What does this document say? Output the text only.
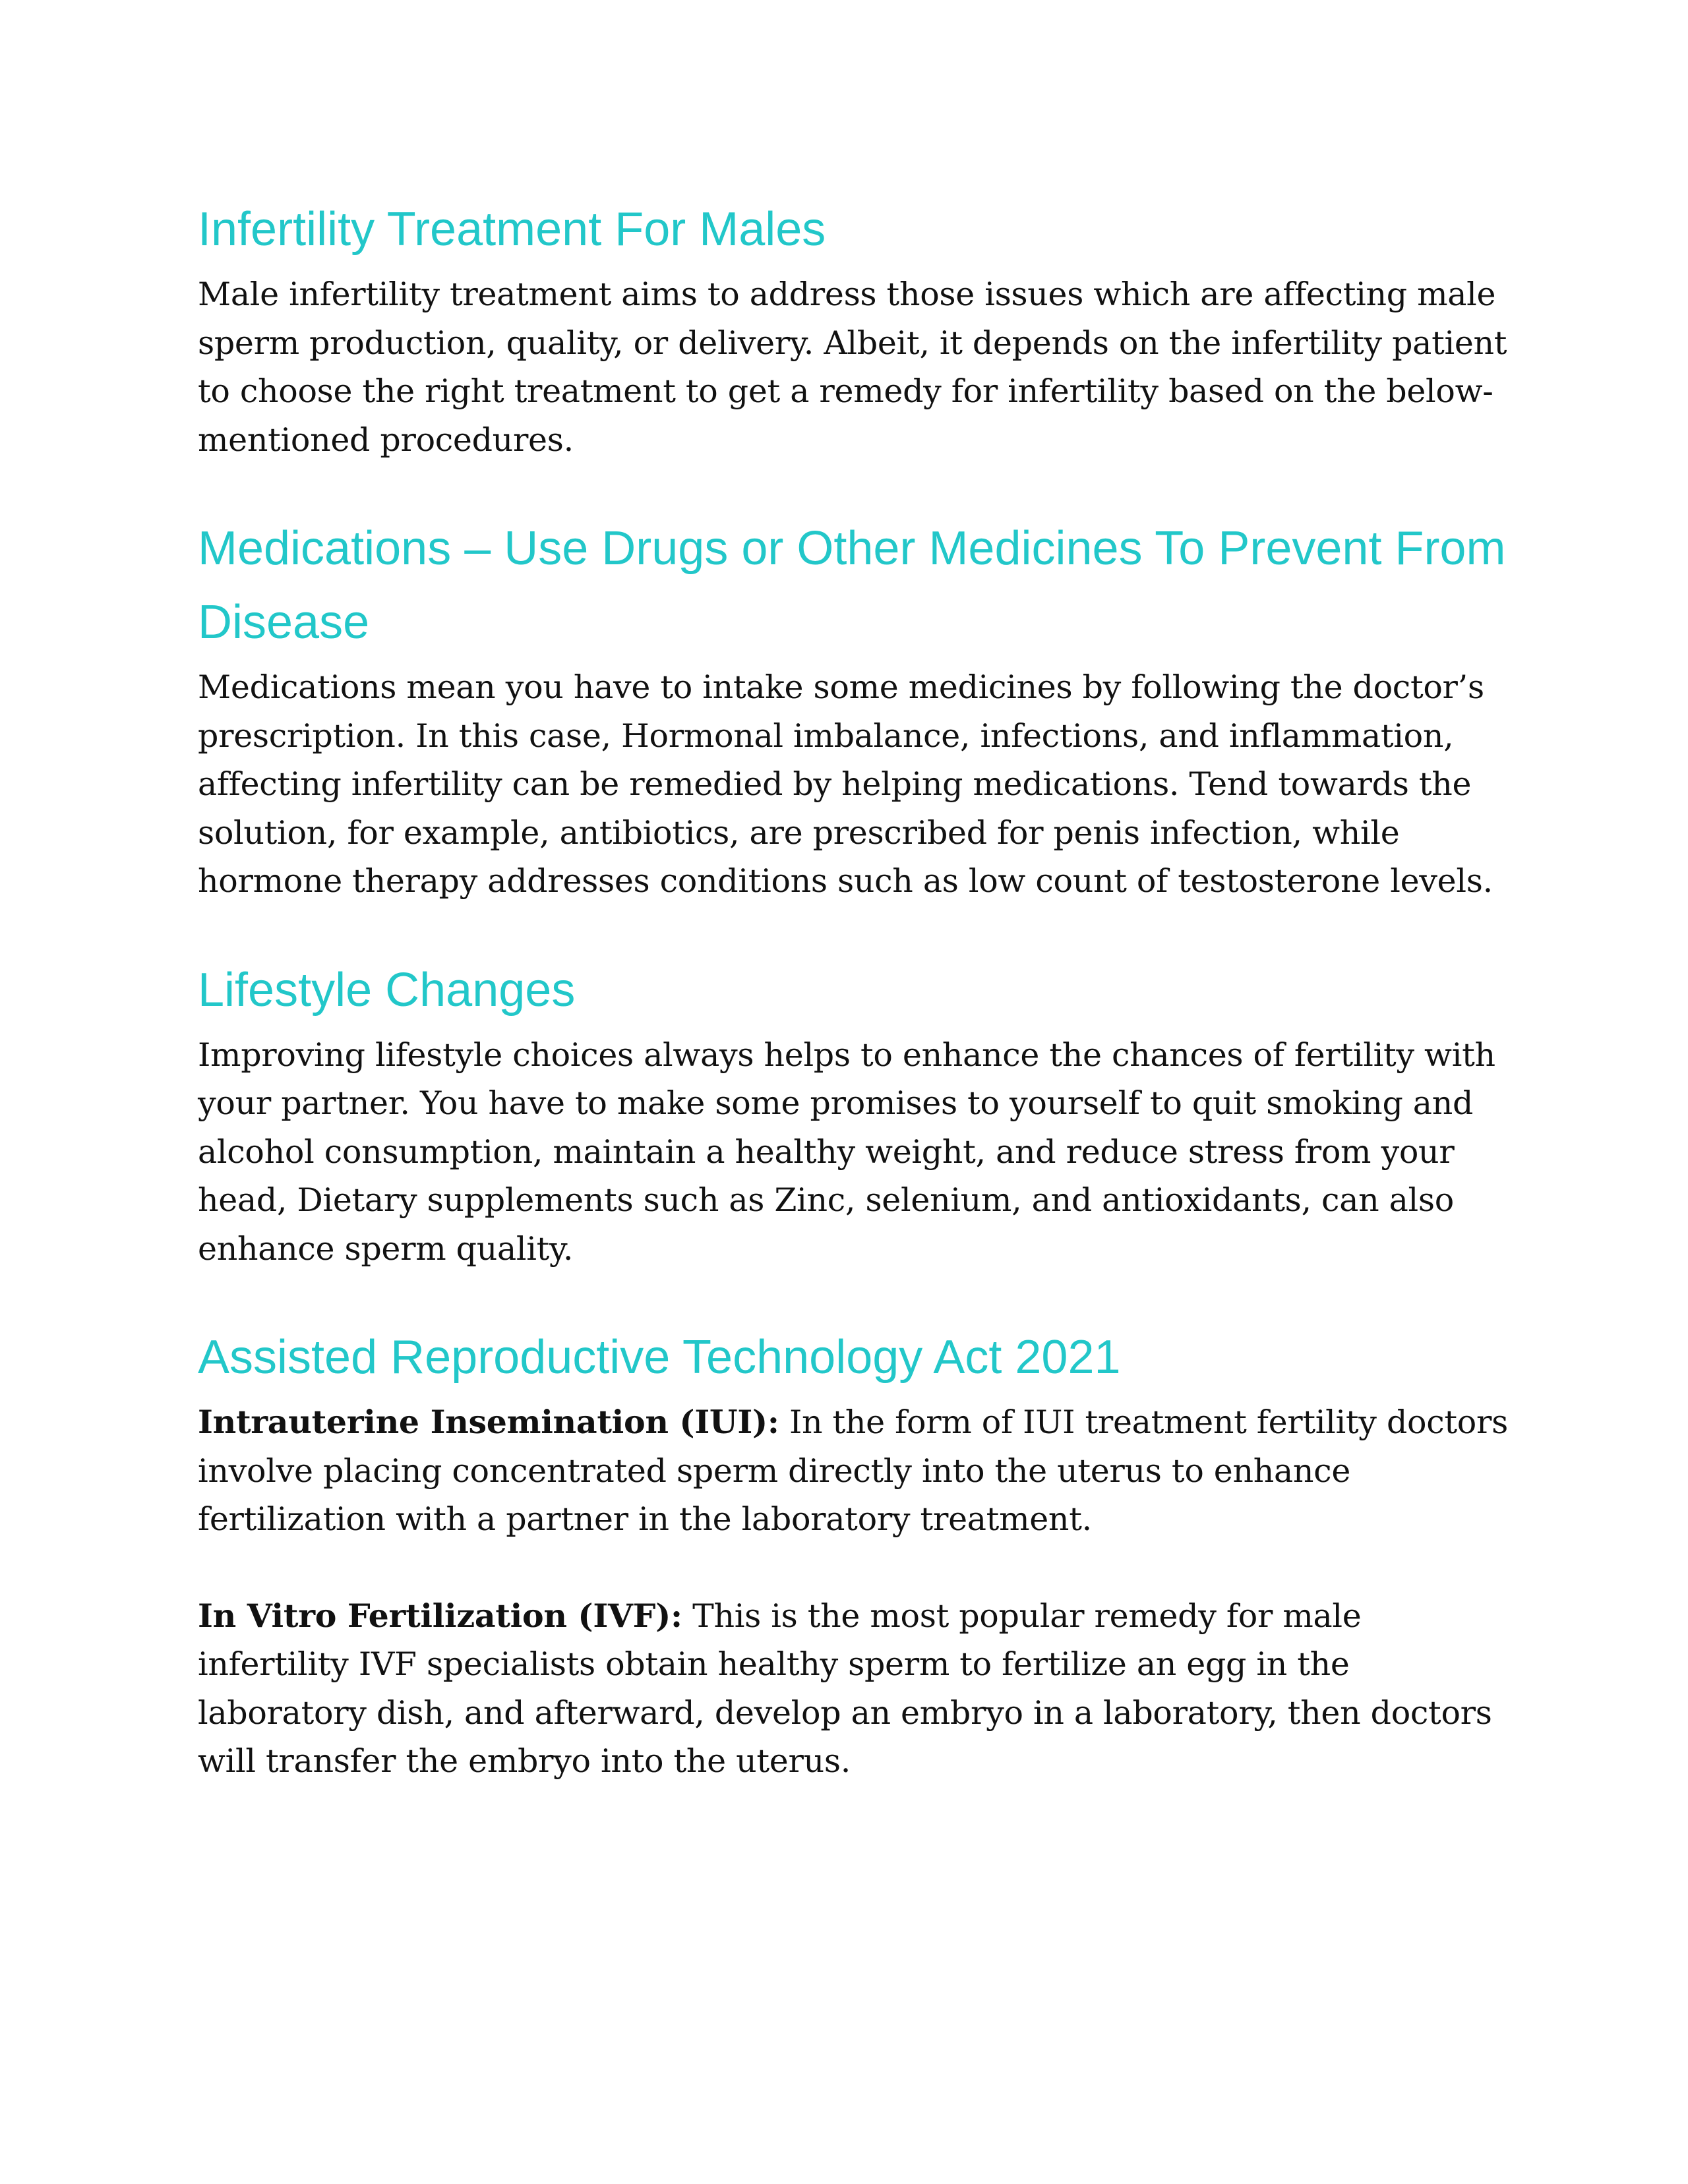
Infertility Treatment For Males

Male infertility treatment aims to address those issues which are affecting male sperm production, quality, or delivery. Albeit, it depends on the infertility patient to choose the right treatment to get a remedy for infertility based on the below-mentioned procedures.

Medications – Use Drugs or Other Medicines To Prevent From Disease

Medications mean you have to intake some medicines by following the doctor’s prescription. In this case, Hormonal imbalance, infections, and inflammation, affecting infertility can be remedied by helping medications. Tend towards the solution, for example, antibiotics, are prescribed for penis infection, while hormone therapy addresses conditions such as low count of testosterone levels.

Lifestyle Changes

Improving lifestyle choices always helps to enhance the chances of fertility with your partner. You have to make some promises to yourself to quit smoking and alcohol consumption, maintain a healthy weight, and reduce stress from your head, Dietary supplements such as Zinc, selenium, and antioxidants, can also enhance sperm quality.

Assisted Reproductive Technology Act 2021

Intrauterine Insemination (IUI): In the form of IUI treatment fertility doctors involve placing concentrated sperm directly into the uterus to enhance fertilization with a partner in the laboratory treatment.

In Vitro Fertilization (IVF): This is the most popular remedy for male infertility IVF specialists obtain healthy sperm to fertilize an egg in the laboratory dish, and afterward, develop an embryo in a laboratory, then doctors will transfer the embryo into the uterus.
